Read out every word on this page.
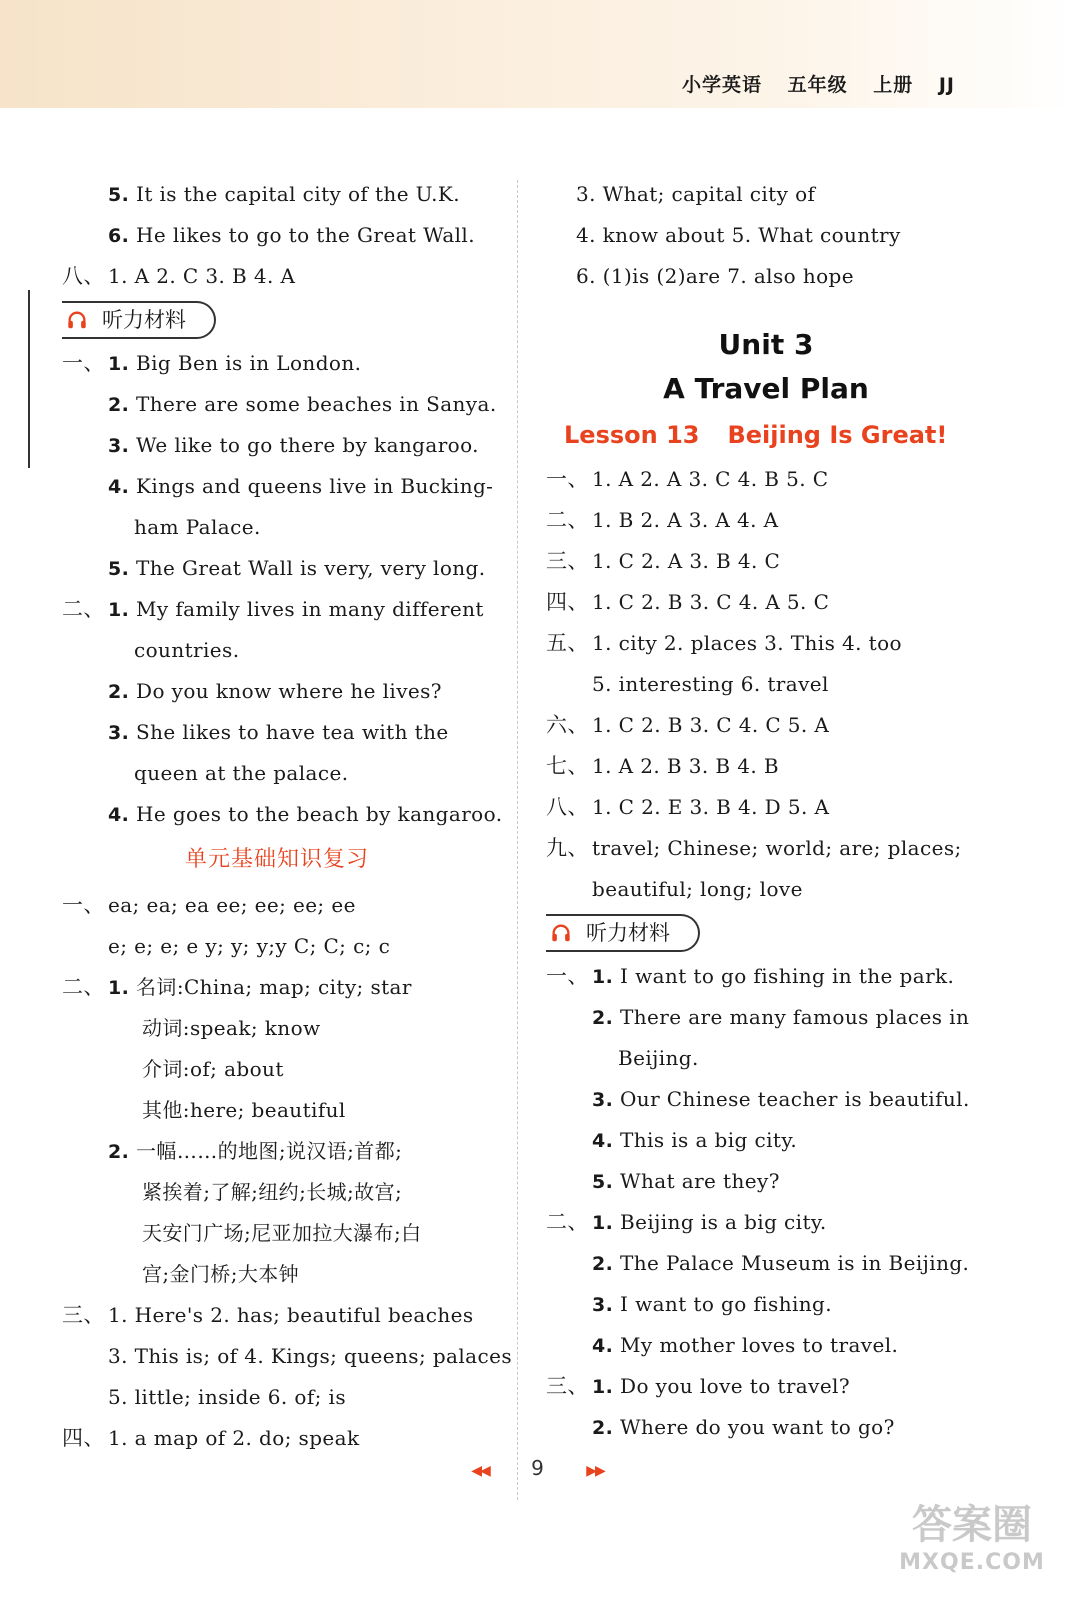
小学英语 五年级 上册 JJ
5. It is the capital city of the U.K.
6. He likes to go to the Great Wall.
八、 1. A 2. C 3. B 4. A
听力材料
一、 1. Big Ben is in London.
2. There are some beaches in Sanya.
3. We like to go there by kangaroo.
4. Kings and queens live in Bucking-
ham Palace.
5. The Great Wall is very, very long.
二、 1. My family lives in many different
countries.
2. Do you know where he lives?
3. She likes to have tea with the
queen at the palace.
4. He goes to the beach by kangaroo.
单元基础知识复习
一、 ea; ea; ea ee; ee; ee; ee
e; e; e; e y; y; y;y C; C; c; c
二、 1. 名词:China; map; city; star
动词:speak; know
介词:of; about
其他:here; beautiful
2. 一幅……的地图;说汉语;首都;
紧挨着;了解;纽约;长城;故宫;
天安门广场;尼亚加拉大瀑布;白
宫;金门桥;大本钟
三、 1. Here's 2. has; beautiful beaches
3. This is; of 4. Kings; queens; palaces
5. little; inside 6. of; is
四、 1. a map of 2. do; speak
3. What; capital city of
4. know about 5. What country
6. (1)is (2)are 7. also hope
Unit 3
A Travel Plan
Lesson 13 Beijing Is Great!
一、 1. A 2. A 3. C 4. B 5. C
二、 1. B 2. A 3. A 4. A
三、 1. C 2. A 3. B 4. C
四、 1. C 2. B 3. C 4. A 5. C
五、 1. city 2. places 3. This 4. too
5. interesting 6. travel
六、 1. C 2. B 3. C 4. C 5. A
七、 1. A 2. B 3. B 4. B
八、 1. C 2. E 3. B 4. D 5. A
九、 travel; Chinese; world; are; places;
beautiful; long; love
听力材料
一、 1. I want to go fishing in the park.
2. There are many famous places in
Beijing.
3. Our Chinese teacher is beautiful.
4. This is a big city.
5. What are they?
二、 1. Beijing is a big city.
2. The Palace Museum is in Beijing.
3. I want to go fishing.
4. My mother loves to travel.
三、 1. Do you love to travel?
2. Where do you want to go?
◀◀ 9	▶▶
答案圈
MXQE.COM
